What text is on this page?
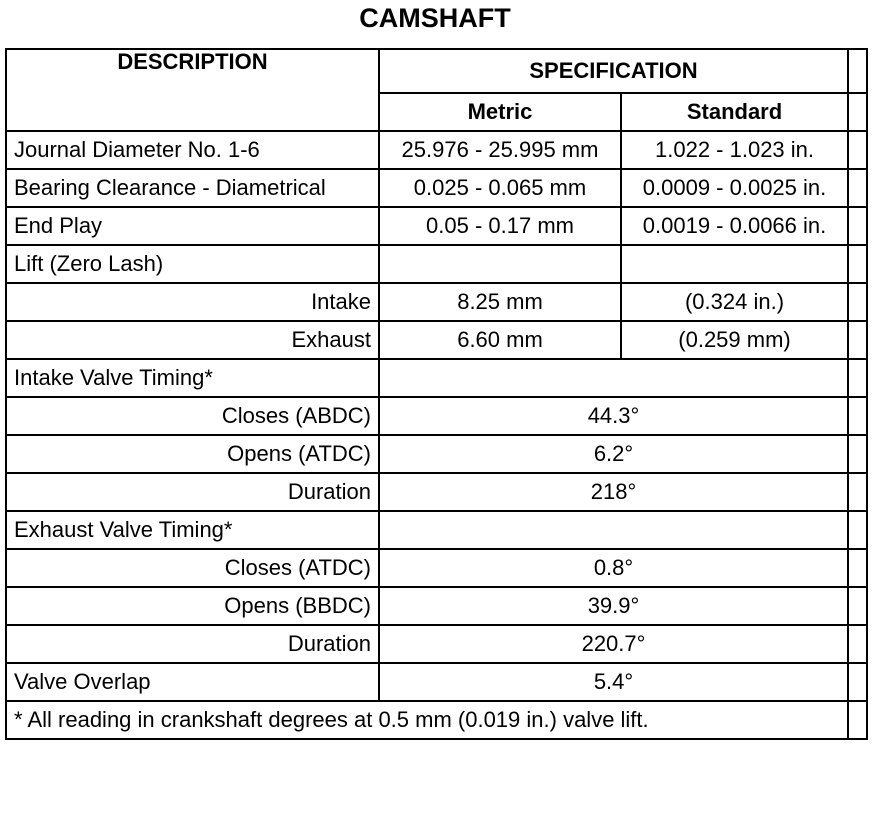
CAMSHAFT
DESCRIPTION	SPECIFICATION		
	Metric	Standard	
Journal Diameter No. 1-6	25.976 - 25.995 mm	1.022 - 1.023 in.	
Bearing Clearance - Diametrical	0.025 - 0.065 mm	0.0009 - 0.0025 in.	
End Play	0.05 - 0.17 mm	0.0019 - 0.0066 in.	
Lift (Zero Lash)			
Intake	8.25 mm	(0.324 in.)	
Exhaust	6.60 mm	(0.259 mm)	
Intake Valve Timing*			
Closes (ABDC)	44.3°		
Opens (ATDC)	6.2°		
Duration	218°		
Exhaust Valve Timing*			
Closes (ATDC)	0.8°		
Opens (BBDC)	39.9°		
Duration	220.7°		
Valve Overlap	5.4°		
* All reading in crankshaft degrees at 0.5 mm (0.019 in.) valve lift.			
